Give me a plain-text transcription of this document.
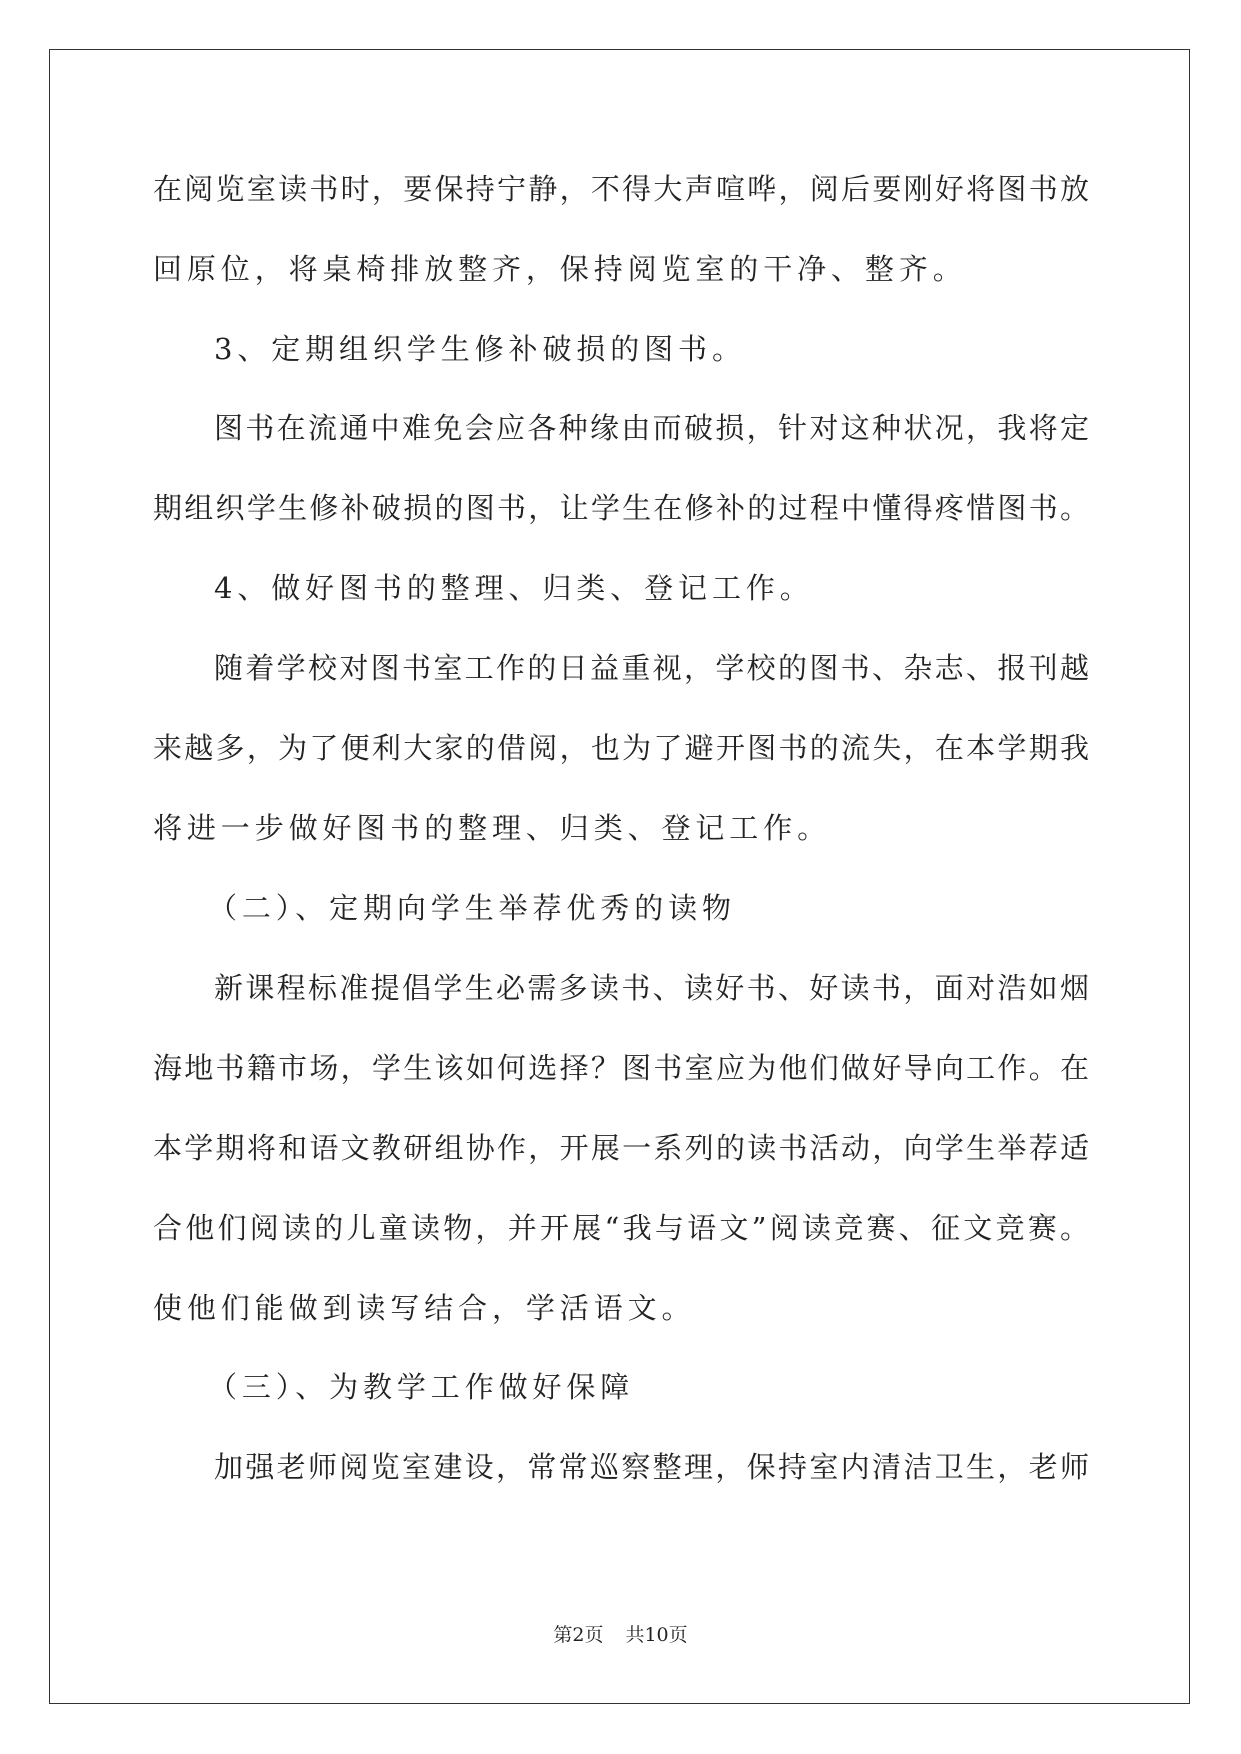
在阅览室读书时，要保持宁静，不得大声喧哗，阅后要刚好将图书放
回原位，将桌椅排放整齐，保持阅览室的干净、整齐。
3、定期组织学生修补破损的图书。
图书在流通中难免会应各种缘由而破损，针对这种状况，我将定
期组织学生修补破损的图书，让学生在修补的过程中懂得疼惜图书。
4、做好图书的整理、归类、登记工作。
随着学校对图书室工作的日益重视，学校的图书、杂志、报刊越
来越多，为了便利大家的借阅，也为了避开图书的流失，在本学期我
将进一步做好图书的整理、归类、登记工作。
（二）、定期向学生举荐优秀的读物
新课程标准提倡学生必需多读书、读好书、好读书，面对浩如烟
海地书籍市场，学生该如何选择？图书室应为他们做好导向工作。在
本学期将和语文教研组协作，开展一系列的读书活动，向学生举荐适
合他们阅读的儿童读物，并开展“我与语文”阅读竞赛、征文竞赛。
使他们能做到读写结合，学活语文。
（三）、为教学工作做好保障
加强老师阅览室建设，常常巡察整理，保持室内清洁卫生，老师
第2页 共10页
